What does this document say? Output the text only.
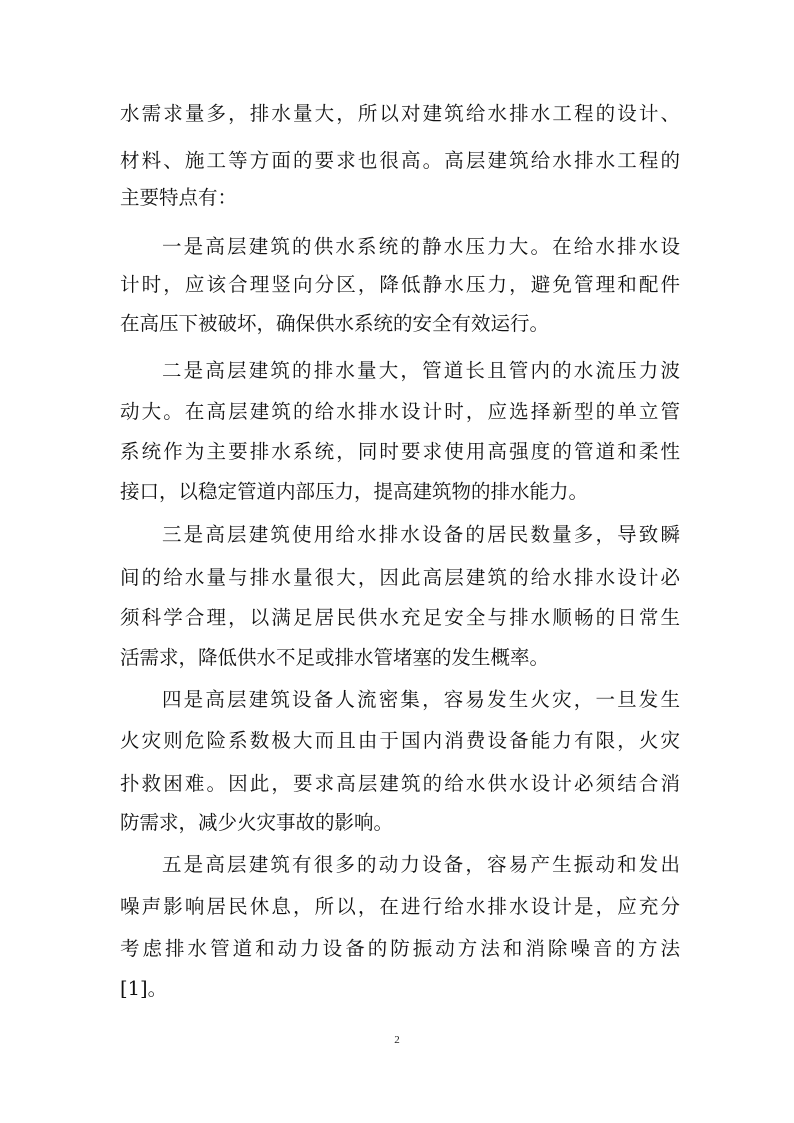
水需求量多，排水量大，所以对建筑给水排水工程的设计、
材料、施工等方面的要求也很高。高层建筑给水排水工程的
主要特点有：
一是高层建筑的供水系统的静水压力大。在给水排水设
计时，应该合理竖向分区，降低静水压力，避免管理和配件
在高压下被破坏，确保供水系统的安全有效运行。
二是高层建筑的排水量大，管道长且管内的水流压力波
动大。在高层建筑的给水排水设计时，应选择新型的单立管
系统作为主要排水系统，同时要求使用高强度的管道和柔性
接口，以稳定管道内部压力，提高建筑物的排水能力。
三是高层建筑使用给水排水设备的居民数量多，导致瞬
间的给水量与排水量很大，因此高层建筑的给水排水设计必
须科学合理，以满足居民供水充足安全与排水顺畅的日常生
活需求，降低供水不足或排水管堵塞的发生概率。
四是高层建筑设备人流密集，容易发生火灾，一旦发生
火灾则危险系数极大而且由于国内消费设备能力有限，火灾
扑救困难。因此，要求高层建筑的给水供水设计必须结合消
防需求，减少火灾事故的影响。
五是高层建筑有很多的动力设备，容易产生振动和发出
噪声影响居民休息，所以，在进行给水排水设计是，应充分
考虑排水管道和动力设备的防振动方法和消除噪音的方法
[1]。
2
